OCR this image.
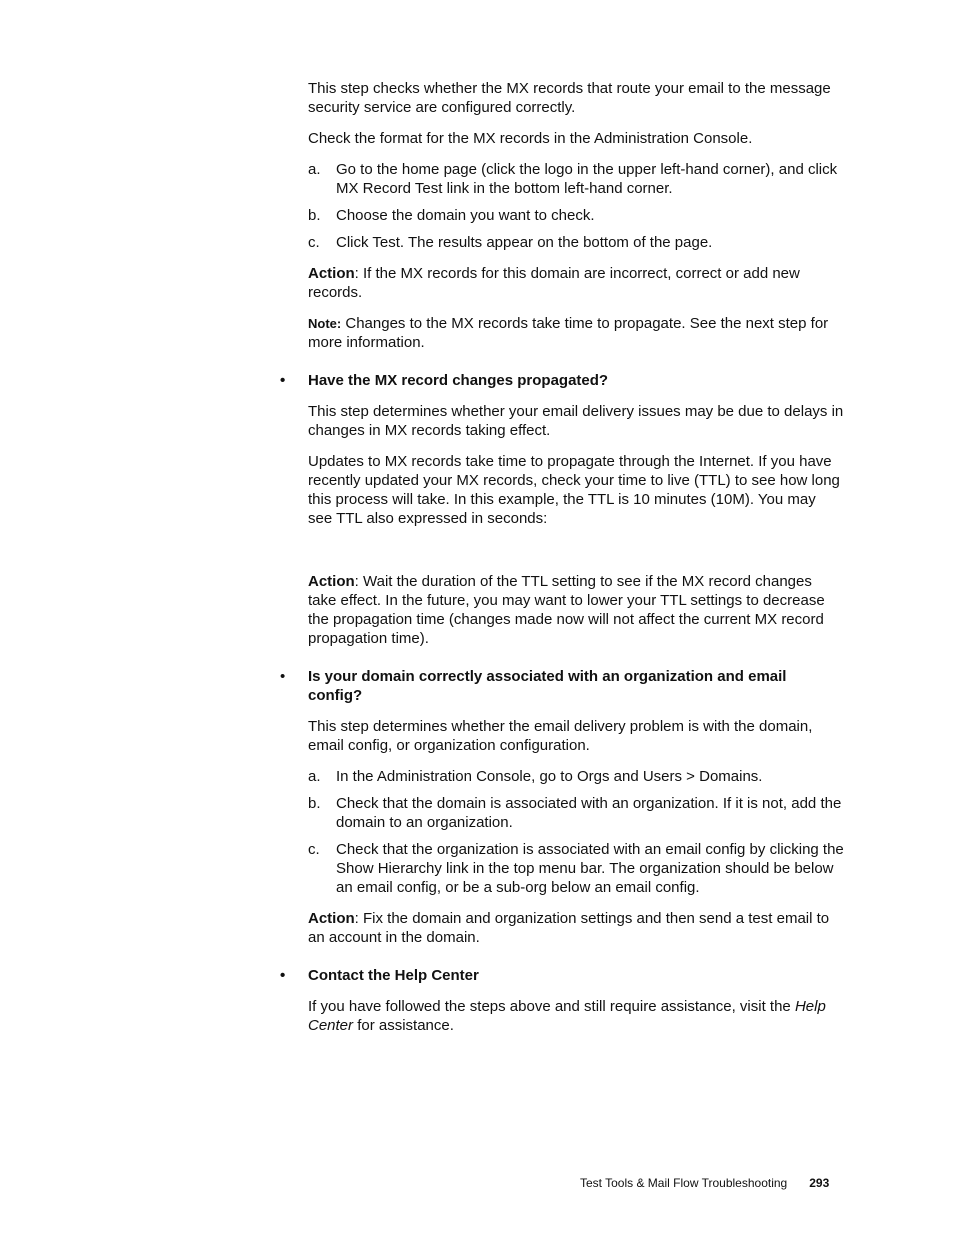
This step checks whether the MX records that route your email to the message security service are configured correctly.

Check the format for the MX records in the Administration Console.

a.	Go to the home page (click the logo in the upper left-hand corner), and click MX Record Test link in the bottom left-hand corner.
b.	Choose the domain you want to check.
c.	Click Test. The results appear on the bottom of the page.

Action: If the MX records for this domain are incorrect, correct or add new records.

Note: Changes to the MX records take time to propagate. See the next step for more information.

• Have the MX record changes propagated?

This step determines whether your email delivery issues may be due to delays in changes in MX records taking effect.

Updates to MX records take time to propagate through the Internet. If you have recently updated your MX records, check your time to live (TTL) to see how long this process will take. In this example, the TTL is 10 minutes (10M). You may see TTL also expressed in seconds:

Action: Wait the duration of the TTL setting to see if the MX record changes take effect. In the future, you may want to lower your TTL settings to decrease the propagation time (changes made now will not affect the current MX record propagation time).

• Is your domain correctly associated with an organization and email config?

This step determines whether the email delivery problem is with the domain, email config, or organization configuration.

a.	In the Administration Console, go to Orgs and Users > Domains.
b.	Check that the domain is associated with an organization. If it is not, add the domain to an organization.
c.	Check that the organization is associated with an email config by clicking the Show Hierarchy link in the top menu bar. The organization should be below an email config, or be a sub-org below an email config.

Action: Fix the domain and organization settings and then send a test email to an account in the domain.

• Contact the Help Center

If you have followed the steps above and still require assistance, visit the Help Center for assistance.

Test Tools & Mail Flow Troubleshooting 293
